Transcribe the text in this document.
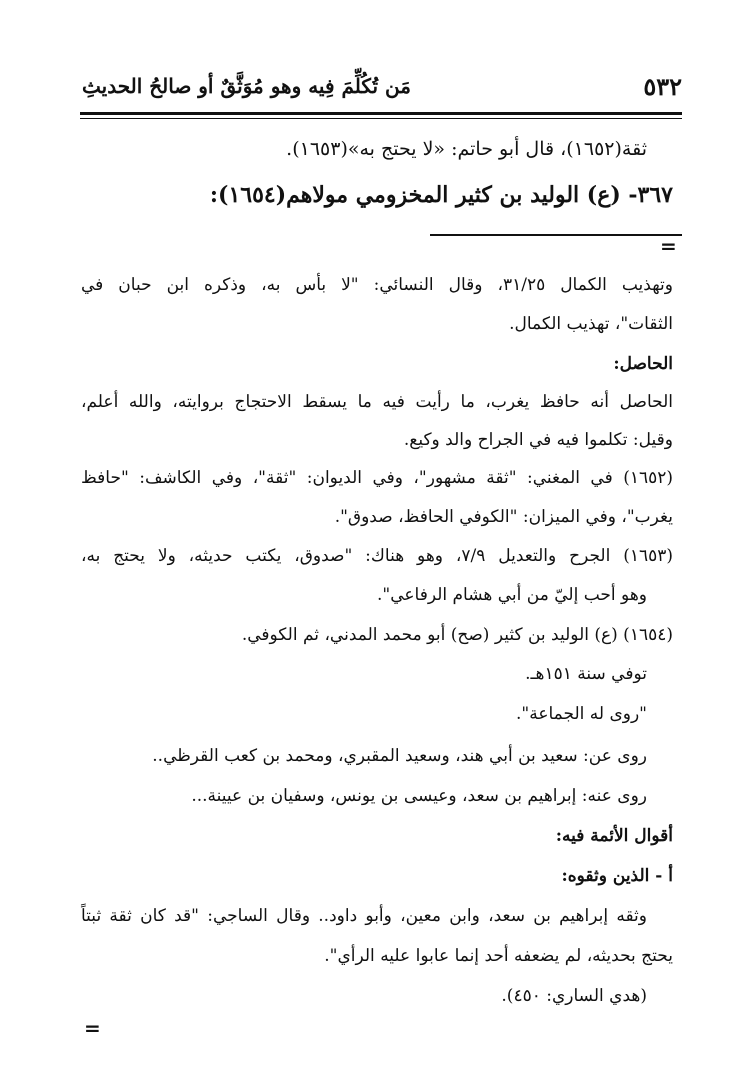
٥٣٢
مَن تُكُلِّمَ فِيه وهو مُوَثَّقٌ أو صالحُ الحديثِ
ثقة(١٦٥٢)، قال أبو حاتم: «لا يحتج به»(١٦٥٣).
٣٦٧- (ع) الوليد بن كثير المخزومي مولاهم(١٦٥٤):
=
وتهذيب الكمال ٣١/٢٥، وقال النسائي: "لا بأس به، وذكره ابن حبان في
الثقات"، تهذيب الكمال.
الحاصل:
الحاصل أنه حافظ يغرب، ما رأيت فيه ما يسقط الاحتجاج بروايته، والله أعلم،
وقيل: تكلموا فيه في الجراح والد وكيع.
(١٦٥٢) في المغني: "ثقة مشهور"، وفي الديوان: "ثقة"، وفي الكاشف: "حافظ
يغرب"، وفي الميزان: "الكوفي الحافظ، صدوق".
(١٦٥٣) الجرح والتعديل ٧/٩، وهو هناك: "صدوق، يكتب حديثه، ولا يحتج به،
وهو أحب إليّ من أبي هشام الرفاعي".
(١٦٥٤) (ع) الوليد بن كثير (صح) أبو محمد المدني، ثم الكوفي.
توفي سنة ١٥١هـ.
"روى له الجماعة".
روى عن: سعيد بن أبي هند، وسعيد المقبري، ومحمد بن كعب القرظي..
روى عنه: إبراهيم بن سعد، وعيسى بن يونس، وسفيان بن عيينة...
أقوال الأئمة فيه:
أ - الذين وثقوه:
وثقه إبراهيم بن سعد، وابن معين، وأبو داود.. وقال الساجي: "قد كان ثقة ثبتاً
يحتج بحديثه، لم يضعفه أحد إنما عابوا عليه الرأي".
(هدي الساري: ٤٥٠).
=
